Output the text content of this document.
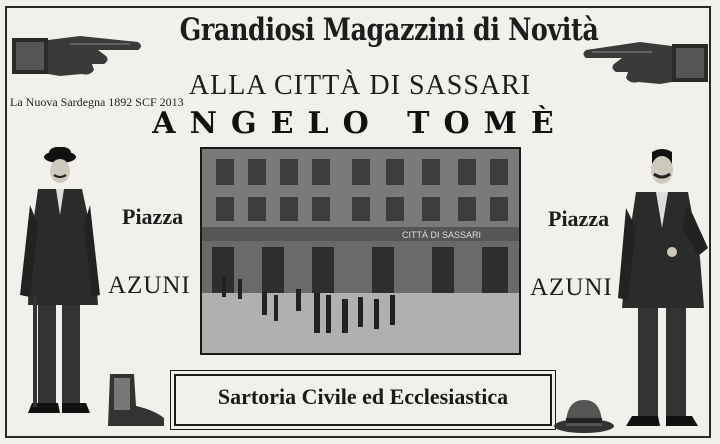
Grandiosi Magazzini di Novità
ALLA CITTÀ DI SASSARI
La Nuova Sardegna 1892 SCF 2013
ANGELO TOMÈ
Piazza
AZUNI
Piazza
AZUNI
CITTÀ DI SASSARI
Sartoria Civile ed Ecclesiastica
